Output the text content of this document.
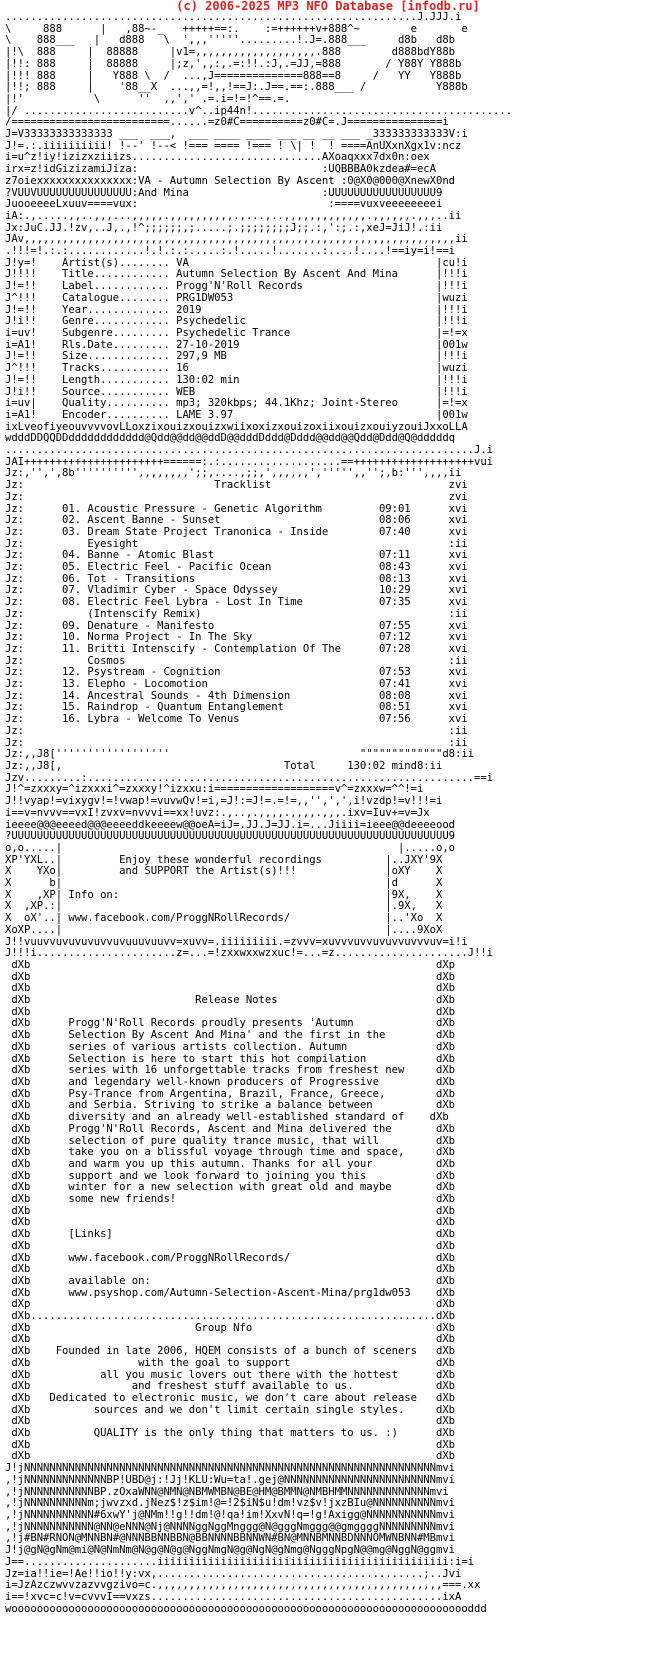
(c) 2006-2025 MP3 NFO Database [infodb.ru]
.................................................................J.JJJ.i
\     888      |   ,88~-_   +++++==:.    :=++++++v+888^~        e       e
\    888___   |   d888   \  ',,,'''''.........!.J=.888___     d8b   d8b
|!\  888     |  88888     |v1=,,,,,,,,,,,,,,,,,,,.888        d888bdY88b
|!!: 888     |  88888     |;z,',,:,.=:!!.:J,.=JJ,=888       / Y88Y Y888b
|!!! 888     |   Y888 \  /  ...,J==============888==8     /   YY   Y888b
|!!; 888     |    '88__X  ...,,=!,,!==J:.J==.==:.888___ /           Y888b
|!'           \      ''  ,,',' .=.i=!=!^==.=.
|/ ..........................v^..ip44n!.........................................
/=========================......=z0#C==========z0#C=.J===============i
J=V33333333333333 ___  ___,  ___ ____ ____ ___ __ __ ___ _333333333333V:i
J!=.:.iiiiiiiiii! !--' !--< !=== ==== !=== ! \| !  ! ====AnUXxnXgx1v:ncz
i=u^z!iy!izizxziiizs..............................AXoaqxxx7dx0n:oex
irx=z!idGizizamiJiza:                             :UQBBBA0kzdea#=ecA
z7oiexxxxxxxxxxxxxxx:VA - Autumn Selection By Ascent :0@X0@000@XnewX0nd
?VUUVUUUUUUUUUUUUUUU:And Mina                     :UUUUUUUUUUUUUUUUU9
JuooeeeeLxuuv====vux:                              :====vuxveeeeeeeei
iA:.,.....,,..,,,...,,,,,.,,,,,,,,,,.,...,..,,,,,,,,,,,,,.,,,,,,.,,,..ii
Jx:JuC.JJ.!zv,..J,.,!^;;;;;;,;.....;.;;;;;;;;J;;.:,':;.:,xeJ=JiJ!.:ii
JAv,,,,,,,,,,,,,,,,,,,,,,,,,,,,,,,,,,,,,,,,,,,,,,,,,,,,,,,,,,,,,,,,,,,,ii
.!!!=!.:.:............!.!.:.:.....:.!.....!.......:....!....!==iy=i!==i
J!y=!    Artist(s)........ VA                                       |cu!i
J!!!!    Title............ Autumn Selection By Ascent And Mina      |!!!i
J!=!!    Label............ Progg'N'Roll Records                     |!!!i
J^!!!    Catalogue........ PRG1DW053                                |wuzi
J!=!!    Year............. 2019                                     |!!!i
J!i!!    Genre............ Psychedelic                              |!!!i
i=uv!    Subgenre......... Psychedelic Trance                       |=!=x
i=A1!    Rls.Date......... 27-10-2019                               |001w
J!=!!    Size............. 297,9 MB                                 |!!!i
J^!!!    Tracks........... 16                                       |wuzi
J!=!!    Length........... 130:02 min                               |!!!i
J!i!!    Source........... WEB                                      |!!!i
i=uv|    Quality.......... mp3; 320kbps; 44.1Khz; Joint-Stereo      |=!=x
i=A1!    Encoder.......... LAME 3.97                                |001w
ixLveofiyeouvvvvovLLoxzixouizxouizxwiixoxizxouizoxiixouizxouiyzouiJxxoLLA
wdddDDQQDDdddddddddddd@Qdd@@dd@@ddD@@dddDddd@Dddd@@dd@@Qdd@Ddd@Q@dddddq
..........................................................................J.i
JAI++++++++++++++++++++++======:.:...................==+++++++++++++++++++vui
Jz:,'',',8b'''''''''',,,,,,,,';;,....,;;,',,,,,,',''''',,'';,b:''',,,,ii
Jz:                              Tracklist                            zvi
Jz:                                                                   zvi
Jz:      01. Acoustic Pressure - Genetic Algorithm         09:01      xvi
Jz:      02. Ascent Banne - Sunset                         08:06      xvi
Jz:      03. Dream State Project Tranonica - Inside        07:40      xvi
Jz:          Eyesight                                                 :ii
Jz:      04. Banne - Atomic Blast                          07:11      xvi
Jz:      05. Electric Feel - Pacific Ocean                 08:43      xvi
Jz:      06. Tot - Transitions                             08:13      xvi
Jz:      07. Vladimir Cyber - Space Odyssey                10:29      xvi
Jz:      08. Electric Feel Lybra - Lost In Time            07:35      xvi
Jz:          (Intenscify Remix)                                       :ii
Jz:      09. Denature - Manifesto                          07:55      xvi
Jz:      10. Norma Project - In The Sky                    07:12      xvi
Jz:      11. Britti Intenscify - Contemplation Of The      07:28      xvi
Jz:          Cosmos                                                   :ii
Jz:      12. Psystream - Cognition                         07:53      xvi
Jz:      13. Elepho - Locomotion                           07:41      xvi
Jz:      14. Ancestral Sounds - 4th Dimension              08:08      xvi
Jz:      15. Raindrop - Quantum Entanglement               08:51      xvi
Jz:      16. Lybra - Welcome To Venus                      07:56      xvi
Jz:                                                                   :ii
Jz:                                                                   :ii
Jz:,,J8[''''''''''''''''''                              """""""""""""d8:ii
Jz:,,J8[,                                   Total     130:02 mind8:ii
Jzv.........:.............................................................==i
J!^=zxxxy=^izxxxi^=zxxxy!^izxxu:i===================v^=zxxxw=^^!=i
J!!vyap!=vixygv!=!vwap!=vuvwQv!=i,=J!:=J!=.=!=,,'',',',i!vzdp!=v!!!=i
i==v=nvvv==vxI!zvxv=nvvvi==xx!uvz:.,..,.,,,,.,,,,.,,,.ixv=Iuv+=v=Jx
ieeee@@@eeeed@@@eeeeddkeeeew@@oeA=iJ=.JJ.J=JJ.i=...Jiiii=ieee@@deeeeood
?UUUUUUUUUUUUUUUUUUUUUUUUUUUUUUUUUUUUUUUUUUUUUUUUUUUUUUUUUUUUUUUUUUUUU9
o,o.....|                                                     |.....o,o
XP'YXL..|         Enjoy these wonderful recordings          |..JXY'9X
X    YXo|         and SUPPORT the Artist(s)!!!              |oXY    X
X      b|                                                   |d      X
X    ,XP| Info on:                                          |9X,    X
X  ,XP.:|                                                   |.9X,   X
X  oX'..| www.facebook.com/ProggNRollRecords/               |..'Xo  X
XoXP....|                                                   |....9XoX
J!!vuuvvuvuvuvuvvuvuuuvuuvv=xuvv=.iiiiiiiii.=zvvv=xuvvvuvvuvuvvuvvvuv=i!i
J!!!i......................z=...=!zxxwxxwzxuc!=...=z.....................J!!i
dXb                                                                dXp
dXb                                                                dXb
dXb                                                                dXb
dXb                          Release Notes                         dXb
dXb                                                                dXb
dXb      Progg'N'Roll Records proudly presents 'Autumn             dXb
dXb      Selection By Ascent And Mina' and the first in the        dXb
dXb      series of various artists collection. Autumn              dXb
dXb      Selection is here to start this hot compilation           dXb
dXb      series with 16 unforgettable tracks from freshest new     dXb
dXb      and legendary well-known producers of Progressive         dXb
dXb      Psy-Trance from Argentina, Brazil, France, Greece,        dXb
dXb      and Serbia. Striving to strike a balance between          dXb
dXb      diversity and an already well-established standard of    dXb
dXb      Progg'N'Roll Records, Ascent and Mina delivered the       dXb
dXb      selection of pure quality trance music, that will         dXb
dXb      take you on a blissful voyage through time and space,     dXb
dXb      and warm you up this autumn. Thanks for all your          dXb
dXb      support and we look forward to joining you this           dXb
dXb      winter for a new selection with great old and maybe       dXb
dXb      some new friends!                                         dXb
dXb                                                                dXb
dXb                                                                dXb
dXb      [Links]                                                   dXb
dXb                                                                dXb
dXb      www.facebook.com/ProggNRollRecords/                       dXb
dXb                                                                dXb
dXb      available on:                                             dXb
dXb      www.psyshop.com/Autumn-Selection-Ascent-Mina/prg1dw053    dXb
dXp                                                                dXb
dXb................................................................dXb
dXb                          Group Nfo                             dXb
dXb                                                                dXb
dXb    Founded in late 2006, HQEM consists of a bunch of sceners   dXb
dXb                 with the goal to support                       dXb
dXb           all you music lovers out there with the hottest      dXb
dXb                and freshest stuff available to us.             dXb
dXb   Dedicated to electronic music, we don't care about release   dXb
dXb          sources and we don't limit certain single styles.     dXb
dXb                                                                dXb
dXb          QUALITY is the only thing that matters to us. :)      dXb
dXb                                                                dXb
dXb                                                                dXb
J!jNNNNNNNNNNNNNNNNNNNNNNNNNNNNNNNNNNNNNNNNNNNNNNNNNNNNNNNNNNNNNNNNNmvi
,!jNNNNNNNNNNNNNBP!UBD@j:!Jj!KLU:Wu=ta!.gej@NNNNNNNNNNNNNNNNNNNNNNNNmvi
,!jNNNNNNNNNNNBP.zOxaWNN@NMN@NBMWMBN@BE@HM@BMMN@NMBHMMNNNNNNNNNNNNNmvi
,!jNNNNNNNNNNm;jwvzxd.jNez$!z$im!@=!2$iN$u!dm!vz$v!jxzBIu@NNNNNNNNNNmvi
,!jNNNNNNNNNNN#6xwY'j@NMm!!g!!dm!@!qa!im!XxvN!q=!g!Axigg@NNNNNNNNNNNmvi
,!jNNNNNNNNNNN@NN@eNNN@Nj@NNNNggNggMnggg@N@gggNmggg@@gmggggNNNNNNNNNmvi
,!j#BN#RNON@MNNBN#@NNNBBNNBBN@BBNNNNBBNNWN#BN@MNNBMNNBDNNNOMWNBNN#MBmvi
J!j@gN@gNm@mi@N@NmNm@N@g@N@g@NggNmgN@g@NgN@gNmg@NgggNpgN@@mg@NggN@ggmvi
J==.....................iiiiiiiiiiiiiiiiiiiiiiiiiiiiiiiiiiiiiiiiiiiiii:i=i
Jz=ia!!ie=!Ae!!io!!y:vx,..........................................;..Jvi
i=JzAzczwvvzazvvgzivo=c.,,,,,,,,,,,,,,,,,,,,,,,,,,,,,,,,,,,,,,,,,,,,,===.xx
i==!xvc=c!v=cvvvI==vxzs..............................................ixA
wooooooooooooooooooooooooooooooooooooooooooooooooooooooooooooooooooooooooddd
